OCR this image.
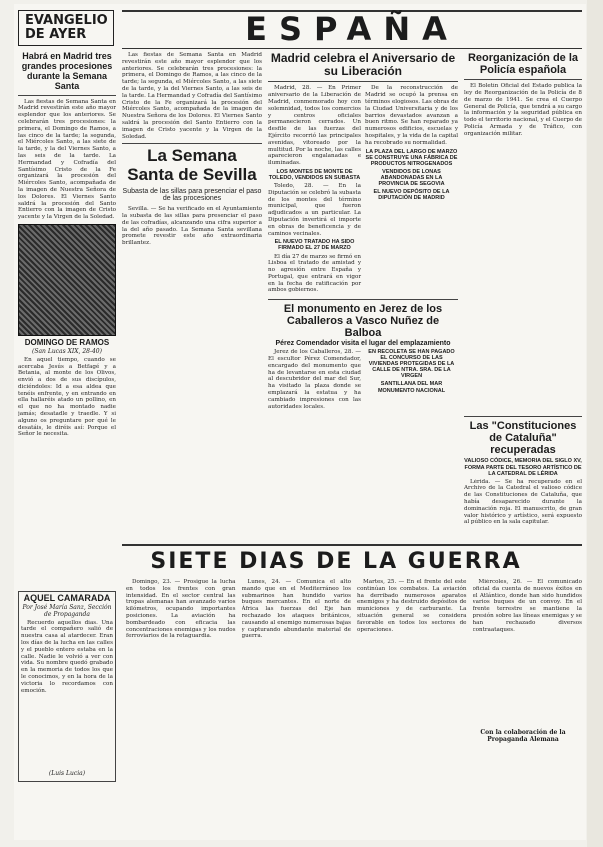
EVANGELIO DE AYER	ESPAÑA
Habrá en Madrid tres grandes procesiones durante la Semana Santa

Las fiestas de Semana Santa en Madrid revestirán este año mayor esplendor que los anteriores. Se celebrarán tres procesiones: la primera, el Domingo de Ramos, a las cinco de la tarde; la segunda, el Miércoles Santo, a las siete de la tarde, y la del Viernes Santo, a las seis de la tarde. La Hermandad y Cofradía del Santísimo Cristo de la Fe organizará la procesión del Miércoles Santo, acompañada de la imagen de Nuestra Señora de los Dolores. El Viernes Santo saldrá la procesión del Santo Entierro con la imagen de Cristo yacente y la Virgen de la Soledad.

DOMINGO DE RAMOS
(San Lucas XIX, 28-40)

En aquel tiempo, cuando se acercaba Jesús a Betfagé y a Betania, al monte de los Olivos, envió a dos de sus discípulos, diciéndoles: Id a esa aldea que tenéis enfrente, y en entrando en ella hallaréis atado un pollino, en el que no ha montado nadie jamás; desatadle y traedle. Y si alguno os preguntare por qué le desatáis, le diréis así: Porque el Señor le necesita.

AQUEL CAMARADA
Por José María Sanz, Sección de Propaganda

Recuerdo aquellos días. Una tarde el compañero salió de nuestra casa al atardecer. Eran los días de la lucha en las calles y el pueblo entero estaba en la calle. Nadie le volvió a ver con vida. Su nombre quedó grabado en la memoria de todos los que le conocimos, y en la hora de la victoria lo recordamos con emoción.

(Luis Lucia)

Las fiestas de Semana Santa en Madrid revestirán este año mayor esplendor que los anteriores. Se celebrarán tres procesiones: la primera, el Domingo de Ramos, a las cinco de la tarde; la segunda, el Miércoles Santo, a las siete de la tarde, y la del Viernes Santo, a las seis de la tarde. La Hermandad y Cofradía del Santísimo Cristo de la Fe organizará la procesión del Miércoles Santo, acompañada de la imagen de Nuestra Señora de los Dolores. El Viernes Santo saldrá la procesión del Santo Entierro con la imagen de Cristo yacente y la Virgen de la Soledad.

La Semana Santa de Sevilla
Subasta de las sillas para presenciar el paso de las procesiones

Sevilla. — Se ha verificado en el Ayuntamiento la subasta de las sillas para presenciar el paso de las cofradías, alcanzando una cifra superior a la del año pasado. La Semana Santa sevillana promete revestir este año extraordinaria brillantez.

Madrid celebra el Aniversario de su Liberación

Madrid, 28. — En Primer aniversario de la Liberación de Madrid, conmemorado hoy con solemnidad, todos los comercios y centros oficiales permanecieron cerrados. Un desfile de las fuerzas del Ejército recorrió las principales avenidas, vitoreado por la multitud. Por la noche, las calles aparecieron engalanadas e iluminadas.

LOS MONTES DE MONTE DE TOLEDO, VENDIDOS EN SUBASTA

Toledo, 28. — En la Diputación se celebró la subasta de los montes del término municipal, que fueron adjudicados a un particular. La Diputación invertirá el importe en obras de beneficencia y de caminos vecinales.

EL NUEVO TRATADO HA SIDO FIRMADO EL 27 DE MARZO

El día 27 de marzo se firmó en Lisboa el tratado de amistad y no agresión entre España y Portugal, que entrará en vigor en la fecha de ratificación por ambos gobiernos.

De la reconstrucción de Madrid se ocupó la prensa en términos elogiosos. Las obras de la Ciudad Universitaria y de los barrios devastados avanzan a buen ritmo. Se han reparado ya numerosos edificios, escuelas y hospitales, y la vida de la capital ha recobrado su normalidad.

LA PLAZA DEL LARGO DE MARZO SE CONSTRUYE UNA FÁBRICA DE PRODUCTOS NITROGENADOS
VENDIDOS DE LONAS ABANDONADAS EN LA PROVINCIA DE SEGOVIA
EL NUEVO DEPÓSITO DE LA DIPUTACIÓN DE MADRID
El monumento en Jerez de los Caballeros a Vasco Nuñez de Balboa
Pérez Comendador visita el lugar del emplazamiento

Jerez de los Caballeros, 28. — El escultor Pérez Comendador, encargado del monumento que ha de levantarse en esta ciudad al descubridor del mar del Sur, ha visitado la plaza donde se emplazará la estatua y ha cambiado impresiones con las autoridades locales.

EN RECOLETA SE HAN PAGADO EL CONCURSO DE LAS VIVIENDAS PROTEGIDAS DE LA CALLE DE NTRA. SRA. DE LA VIRGEN
SANTILLANA DEL MAR MONUMENTO NACIONAL
Reorganización de la Policía española

El Boletín Oficial del Estado publica la ley de Reorganización de la Policía de 8 de marzo de 1941. Se crea el Cuerpo General de Policía, que tendrá a su cargo la información y la seguridad pública en todo el territorio nacional, y el Cuerpo de Policía Armada y de Tráfico, con organización militar.

Las "Constituciones de Cataluña" recuperadas
VALIOSO CÓDICE, MEMORIA DEL SIGLO XV, FORMA PARTE DEL TESORO ARTÍSTICO DE LA CATEDRAL DE LÉRIDA

Lérida. — Se ha recuperado en el Archivo de la Catedral el valioso códice de las Constituciones de Cataluña, que había desaparecido durante la dominación roja. El manuscrito, de gran valor histórico y artístico, será expuesto al público en la sala capitular.

Con la colaboración de la Propaganda Alemana
SIETE DIAS DE LA GUERRA

Domingo, 23. — Prosigue la lucha en todos los frentes con gran intensidad. En el sector central las tropas alemanas han avanzado varios kilómetros, ocupando importantes posiciones. La aviación ha bombardeado con eficacia las concentraciones enemigas y los nudos ferroviarios de la retaguardia.

Lunes, 24. — Comunica el alto mando que en el Mediterráneo los submarinos han hundido varios buques mercantes. En el norte de África las fuerzas del Eje han rechazado los ataques británicos, causando al enemigo numerosas bajas y capturando abundante material de guerra.

Martes, 25. — En el frente del este continúan los combates. La aviación ha derribado numerosos aparatos enemigos y ha destruido depósitos de municiones y de carburante. La situación general se considera favorable en todos los sectores de operaciones.

Miércoles, 26. — El comunicado oficial da cuenta de nuevos éxitos en el Atlántico, donde han sido hundidos varios buques de un convoy. En el frente terrestre se mantiene la presión sobre las líneas enemigas y se han rechazado diversos contraataques.
